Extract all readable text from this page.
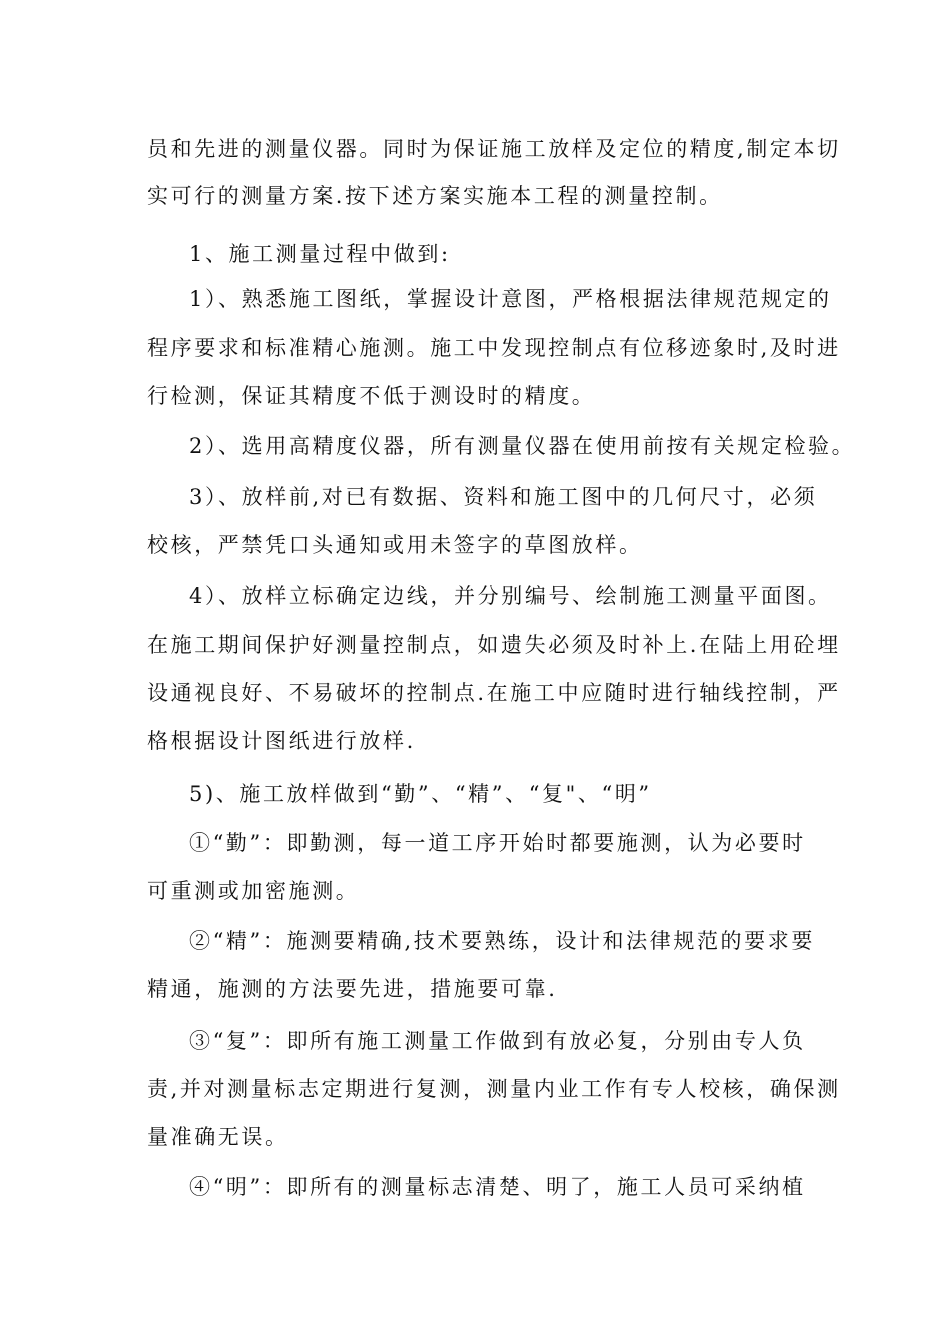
员和先进的测量仪器。同时为保证施工放样及定位的精度,制定本切
实可行的测量方案.按下述方案实施本工程的测量控制。
1、施工测量过程中做到:
1）、熟悉施工图纸，掌握设计意图，严格根据法律规范规定的
程序要求和标准精心施测。施工中发现控制点有位移迹象时,及时进
行检测，保证其精度不低于测设时的精度。
2）、选用高精度仪器，所有测量仪器在使用前按有关规定检验。
3）、放样前,对已有数据、资料和施工图中的几何尺寸，必须
校核，严禁凭口头通知或用未签字的草图放样。
4）、放样立标确定边线，并分别编号、绘制施工测量平面图。
在施工期间保护好测量控制点，如遗失必须及时补上.在陆上用砼埋
设通视良好、不易破坏的控制点.在施工中应随时进行轴线控制，严
格根据设计图纸进行放样.
5)、施工放样做到“勤”、“精”、“复"、“明”
①“勤”：即勤测，每一道工序开始时都要施测，认为必要时
可重测或加密施测。
②“精”：施测要精确,技术要熟练，设计和法律规范的要求要
精通，施测的方法要先进，措施要可靠.
③“复”：即所有施工测量工作做到有放必复，分别由专人负
责,并对测量标志定期进行复测，测量内业工作有专人校核，确保测
量准确无误。
④“明”：即所有的测量标志清楚、明了，施工人员可采纳植
